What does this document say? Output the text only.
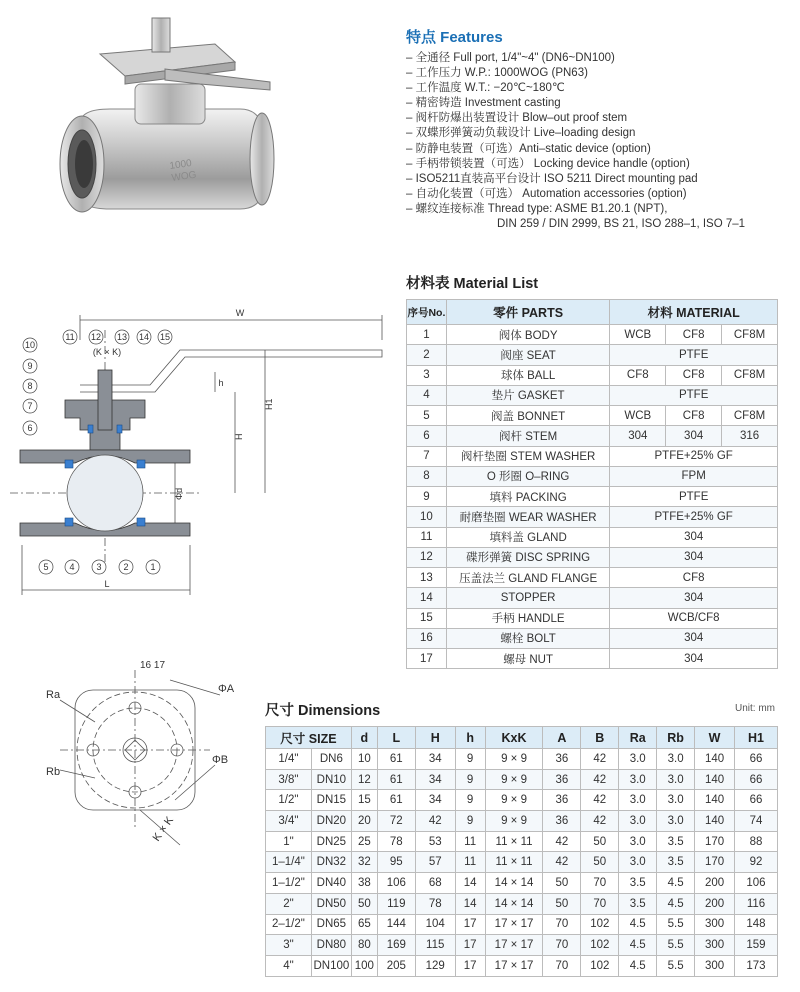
1000
WOG
特点 Features
– 全通径 Full port, 1/4"~4" (DN6~DN100)
– 工作压力 W.P.: 1000WOG (PN63)
– 工作温度 W.T.: −20℃~180℃
– 精密铸造 Investment casting
– 阀杆防爆出装置设计 Blow–out proof stem
– 双蝶形弹簧动负载设计 Live–loading design
– 防静电装置（可选）Anti–static device (option)
– 手柄带锁装置（可选） Locking device handle (option)
– ISO5211直装高平台设计 ISO 5211 Direct mounting pad
– 自动化装置（可选） Automation accessories (option)
– 螺纹连接标准 Thread type: ASME B1.20.1 (NPT),
DIN 259 / DIN 2999, BS 21, ISO 288–1, ISO 7–1
11 12 13 14 15
10
9
8
7
6
5 4 3 2 1
W
(K × K)
L
h
H1
H
Φd
材料表 Material List
序号No.	零件 PARTS	材料 MATERIAL		
1	阀体 BODY	WCB	CF8	CF8M
2	阀座 SEAT	PTFE		
3	球体 BALL	CF8	CF8	CF8M
4	垫片 GASKET	PTFE		
5	阀盖 BONNET	WCB	CF8	CF8M
6	阀杆 STEM	304	304	316
7	阀杆垫圈 STEM WASHER	PTFE+25% GF		
8	O 形圈 O–RING	FPM		
9	填料 PACKING	PTFE		
10	耐磨垫圈 WEAR WASHER	PTFE+25% GF		
11	填料盖 GLAND	304		
12	碟形弹簧 DISC SPRING	304		
13	压盖法兰 GLAND FLANGE	CF8		
14	STOPPER	304		
15	手柄 HANDLE	WCB/CF8		
16	螺栓 BOLT	304		
17	螺母 NUT	304		
Ra
Rb
ΦA
ΦB
K × K
16 17
尺寸 Dimensions	Unit: mm
尺寸 SIZE		d	L	H	h	KxK	A	B	Ra	Rb	W	H1
1/4"	DN6	10	61	34	9	9 × 9	36	42	3.0	3.0	140	66
3/8"	DN10	12	61	34	9	9 × 9	36	42	3.0	3.0	140	66
1/2"	DN15	15	61	34	9	9 × 9	36	42	3.0	3.0	140	66
3/4"	DN20	20	72	42	9	9 × 9	36	42	3.0	3.0	140	74
1"	DN25	25	78	53	11	11 × 11	42	50	3.0	3.5	170	88
1–1/4"	DN32	32	95	57	11	11 × 11	42	50	3.0	3.5	170	92
1–1/2"	DN40	38	106	68	14	14 × 14	50	70	3.5	4.5	200	106
2"	DN50	50	119	78	14	14 × 14	50	70	3.5	4.5	200	116
2–1/2"	DN65	65	144	104	17	17 × 17	70	102	4.5	5.5	300	148
3"	DN80	80	169	115	17	17 × 17	70	102	4.5	5.5	300	159
4"	DN100	100	205	129	17	17 × 17	70	102	4.5	5.5	300	173
